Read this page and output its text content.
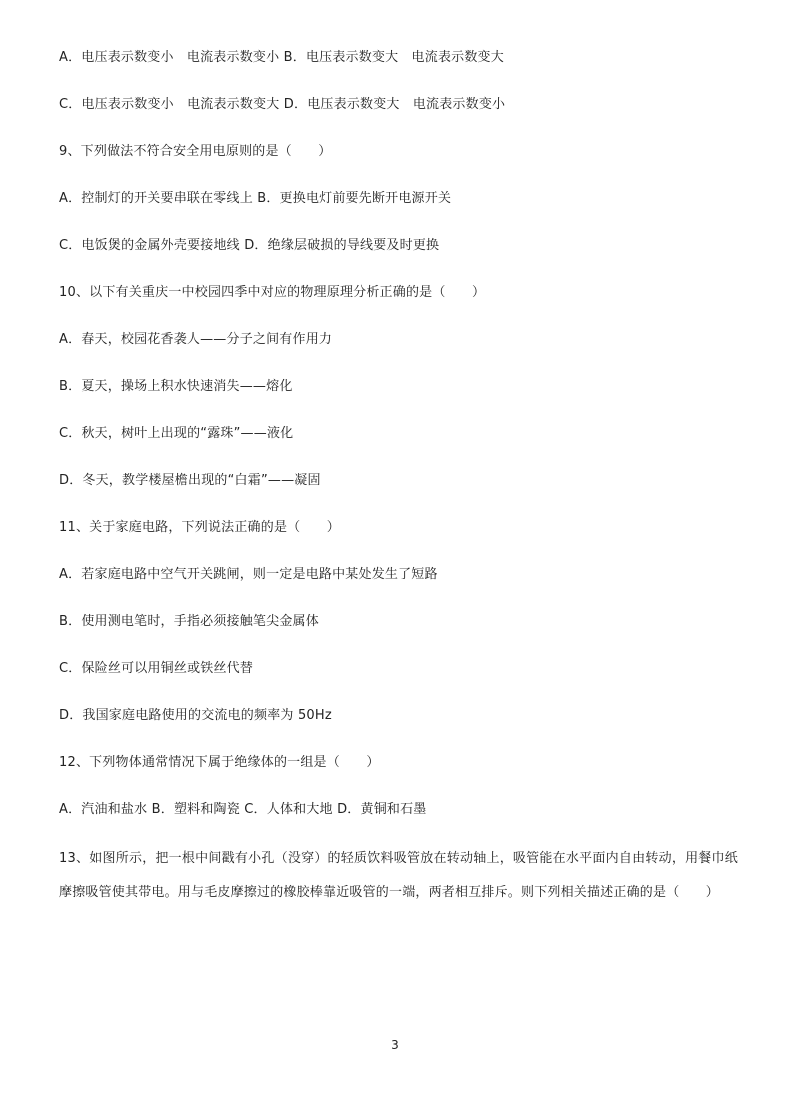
A．电压表示数变小　电流表示数变小 B．电压表示数变大　电流表示数变大
C．电压表示数变小　电流表示数变大 D．电压表示数变大　电流表示数变小
9、下列做法不符合安全用电原则的是（　　）
A．控制灯的开关要串联在零线上 B．更换电灯前要先断开电源开关
C．电饭煲的金属外壳要接地线 D．绝缘层破损的导线要及时更换
10、以下有关重庆一中校园四季中对应的物理原理分析正确的是（　　）
A．春天，校园花香袭人——分子之间有作用力
B．夏天，操场上积水快速消失——熔化
C．秋天，树叶上出现的“露珠”——液化
D．冬天，教学楼屋檐出现的“白霜”——凝固
11、关于家庭电路，下列说法正确的是（　　）
A．若家庭电路中空气开关跳闸，则一定是电路中某处发生了短路
B．使用测电笔时，手指必须接触笔尖金属体
C．保险丝可以用铜丝或铁丝代替
D．我国家庭电路使用的交流电的频率为 50Hz
12、下列物体通常情况下属于绝缘体的一组是（　　）
A．汽油和盐水 B．塑料和陶瓷 C．人体和大地 D．黄铜和石墨
13、如图所示，把一根中间戳有小孔（没穿）的轻质饮料吸管放在转动轴上，吸管能在水平面内自由转动，用餐巾纸摩擦吸管使其带电。用与毛皮摩擦过的橡胶棒靠近吸管的一端，两者相互排斥。则下列相关描述正确的是（　　）
3
